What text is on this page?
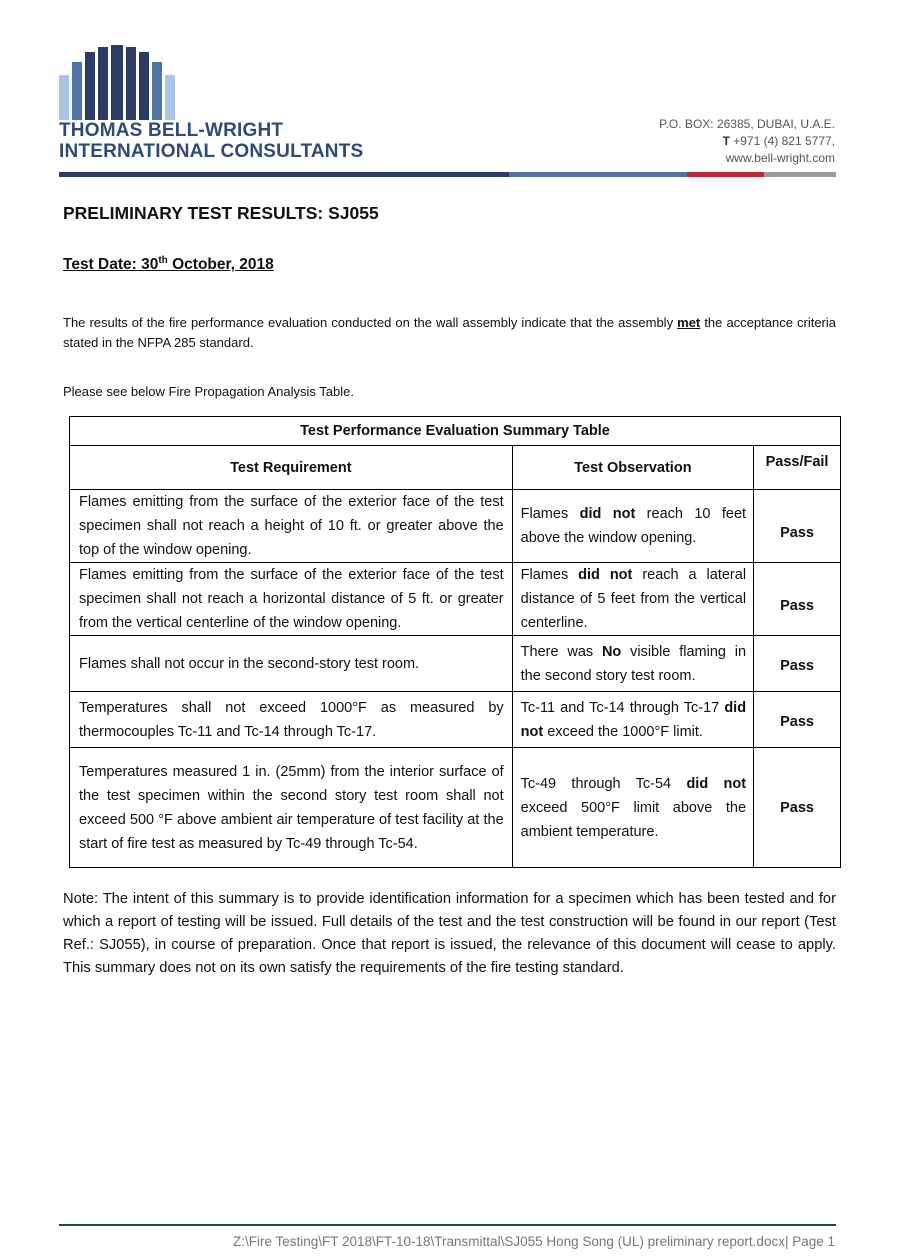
THOMAS BELL-WRIGHT
INTERNATIONAL CONSULTANTS
P.O. BOX: 26385, DUBAI, U.A.E.
T +971 (4) 821 5777,
www.bell-wright.com
PRELIMINARY TEST RESULTS: SJ055
Test Date: 30th October, 2018
The results of the fire performance evaluation conducted on the wall assembly indicate that the assembly met the acceptance criteria stated in the NFPA 285 standard.
Please see below Fire Propagation Analysis Table.
Test Performance Evaluation Summary Table		
Test Requirement	Test Observation	Pass/Fail
Flames emitting from the surface of the exterior face of the test specimen shall not reach a height of 10 ft. or greater above the top of the window opening.	Flames did not reach 10 feet above the window opening.	Pass
Flames emitting from the surface of the exterior face of the test specimen shall not reach a horizontal distance of 5 ft. or greater from the vertical centerline of the window opening.	Flames did not reach a lateral distance of 5 feet from the vertical centerline.	Pass
Flames shall not occur in the second-story test room.	There was No visible flaming in the second story test room.	Pass
Temperatures shall not exceed 1000°F as measured by thermocouples Tc-11 and Tc-14 through Tc-17.	Tc-11 and Tc-14 through Tc-17 did not exceed the 1000°F limit.	Pass
Temperatures measured 1 in. (25mm) from the interior surface of the test specimen within the second story test room shall not exceed 500 °F above ambient air temperature of test facility at the start of fire test as measured by Tc-49 through Tc-54.	Tc-49 through Tc-54 did not exceed 500°F limit above the ambient temperature.	Pass
Note: The intent of this summary is to provide identification information for a specimen which has been tested and for which a report of testing will be issued. Full details of the test and the test construction will be found in our report (Test Ref.: SJ055), in course of preparation. Once that report is issued, the relevance of this document will cease to apply. This summary does not on its own satisfy the requirements of the fire testing standard.
Z:\Fire Testing\FT 2018\FT-10-18\Transmittal\SJ055 Hong Song (UL) preliminary report.docx| Page 1
